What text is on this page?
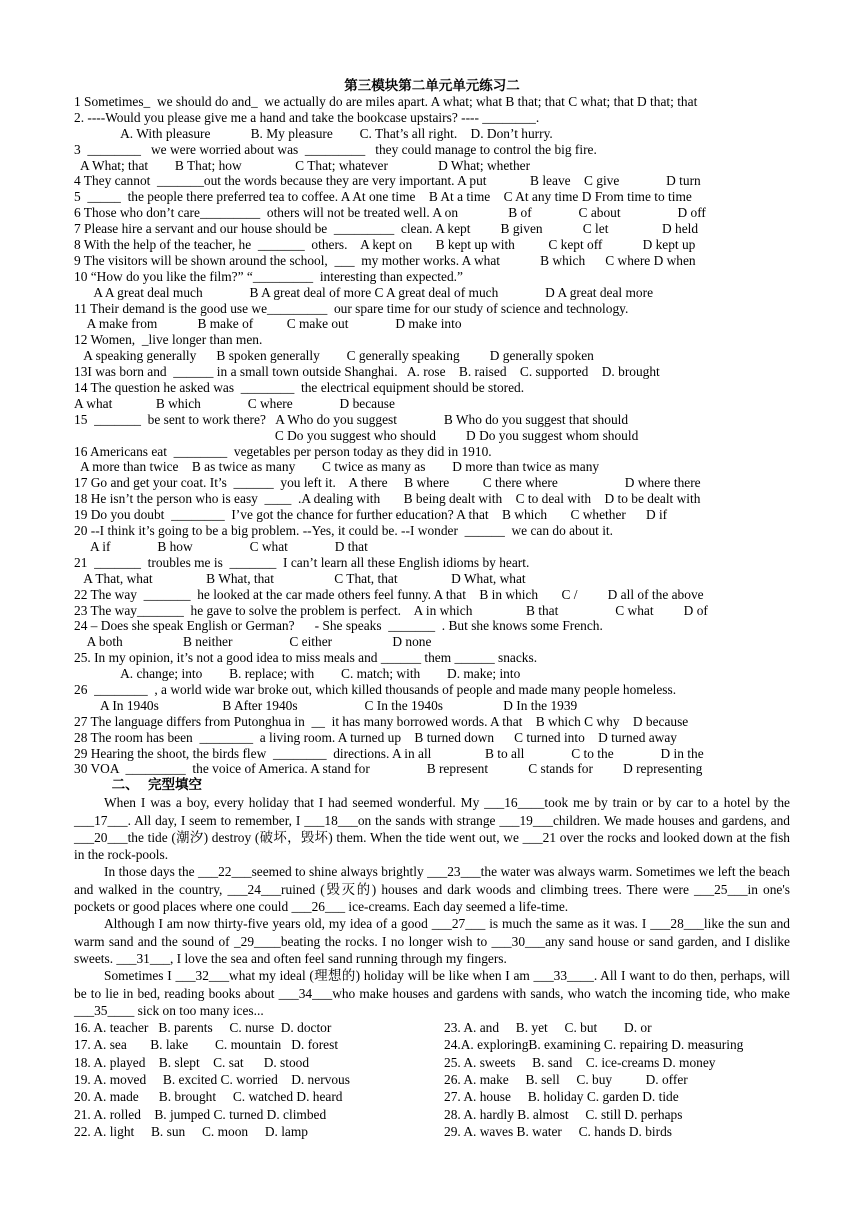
第三模块第二单元单元练习二
1 Sometimes_  we should do and_  we actually do are miles apart. A what; what B that; that C what; that D that; that
2. ----Would you please give me a hand and take the bookcase upstairs? ---- ________.
A. With pleasure            B. My pleasure        C. That’s all right.    D. Don’t hurry.
3  ________   we were worried about was  _________   they could manage to control the big fire.
A What; that        B That; how                C That; whatever               D What; whether
4 They cannot  _______out the words because they are very important. A put             B leave    C give              D turn
5  _____  the people there preferred tea to coffee. A At one time    B At a time    C At any time D From time to time
6 Those who don’t care_________  others will not be treated well. A on               B of              C about                 D off
7 Please hire a servant and our house should be  _________  clean. A kept         B given            C let                D held
8 With the help of the teacher, he  _______  others.    A kept on       B kept up with          C kept off            D kept up
9 The visitors will be shown around the school,  ___  my mother works. A what            B which      C where D when
10 “How do you like the film?” “_________  interesting than expected.”
A A great deal much              B A great deal of more C A great deal of much              D A great deal more
11 Their demand is the good use we_________  our spare time for our study of science and technology.
A make from            B make of          C make out              D make into
12 Women,  _live longer than men.
A speaking generally      B spoken generally        C generally speaking         D generally spoken
13I was born and  ______ in a small town outside Shanghai.   A. rose    B. raised    C. supported    D. brought
14 The question he asked was  ________  the electrical equipment should be stored.
A what             B which              C where              D because
15  _______  be sent to work there?   A Who do you suggest              B Who do you suggest that should
C Do you suggest who should         D Do you suggest whom should
16 Americans eat  ________  vegetables per person today as they did in 1910.
A more than twice    B as twice as many        C twice as many as        D more than twice as many
17 Go and get your coat. It’s  ______  you left it.    A there     B where          C there where                    D where there
18 He isn’t the person who is easy  ____  .A dealing with       B being dealt with    C to deal with    D to be dealt with
19 Do you doubt  ________  I’ve got the chance for further education? A that    B which       C whether      D if
20 --I think it’s going to be a big problem. --Yes, it could be. --I wonder  ______  we can do about it.
A if              B how                 C what              D that
21  _______  troubles me is  _______  I can’t learn all these English idioms by heart.
A That, what                B What, that                  C That, that                D What, what
22 The way  _______  he looked at the car made others feel funny. A that    B in which       C /         D all of the above
23 The way_______  he gave to solve the problem is perfect.    A in which                B that                 C what         D of
24 – Does she speak English or German?      - She speaks  _______  . But she knows some French.
A both                  B neither                 C either                  D none
25. In my opinion, it’s not a good idea to miss meals and ______ them ______ snacks.
A. change; into        B. replace; with        C. match; with        D. make; into
26  ________  , a world wide war broke out, which killed thousands of people and made many people homeless.
A In 1940s                   B After 1940s                    C In the 1940s                  D In the 1939
27 The language differs from Putonghua in  __  it has many borrowed words. A that    B which C why    D because
28 The room has been  ________  a living room. A turned up    B turned down      C turned into    D turned away
29 Hearing the shoot, the birds flew  ________  directions. A in all                B to all              C to the              D in the
30 VOA  _________  the voice of America. A stand for                 B represent            C stands for         D representing
二、  完型填空
When I was a boy, every holiday that I had seemed wonderful. My ___16____took me by train or by car to a hotel by the ___17___. All day, I seem to remember, I ___18___on the sands with strange ___19___children. We made houses and gardens, and ___20___the tide (潮汐) destroy (破坏，毁坏) them. When the tide went out, we ___21 over the rocks and looked down at the fish in the rock-pools.
In those days the ___22___seemed to shine always brightly ___23___the water was always warm. Sometimes we left the beach and walked in the country, ___24___ruined (毁灭的) houses and dark woods and climbing trees. There were ___25___in one's pockets or good places where one could ___26___ ice-creams. Each day seemed a life-time.
Although I am now thirty-five years old, my idea of a good ___27___ is much the same as it was. I ___28___like the sun and warm sand and the sound of _29____beating the rocks. I no longer wish to ___30___any sand house or sand garden, and I dislike sweets. ___31___, I love the sea and often feel sand running through my fingers.
Sometimes I ___32___what my ideal (理想的) holiday will be like when I am ___33____. All I want to do then, perhaps, will be to lie in bed, reading books about ___34___who make houses and gardens with sands, who watch the incoming tide, who make ___35____ sick on too many ices...
16. A. teacher   B. parents     C. nurse  D. doctor
17. A. sea       B. lake        C. mountain   D. forest
18. A. played    B. slept    C. sat      D. stood
19. A. moved     B. excited C. worried    D. nervous
20. A. made      B. brought     C. watched D. heard
21. A. rolled    B. jumped C. turned D. climbed
22. A. light     B. sun     C. moon     D. lamp
23. A. and     B. yet     C. but        D. or
24.A. exploringB. examining C. repairing D. measuring
25. A. sweets     B. sand    C. ice-creams D. money
26. A. make     B. sell     C. buy          D. offer
27. A. house     B. holiday C. garden D. tide
28. A. hardly B. almost     C. still D. perhaps
29. A. waves B. water     C. hands D. birds
